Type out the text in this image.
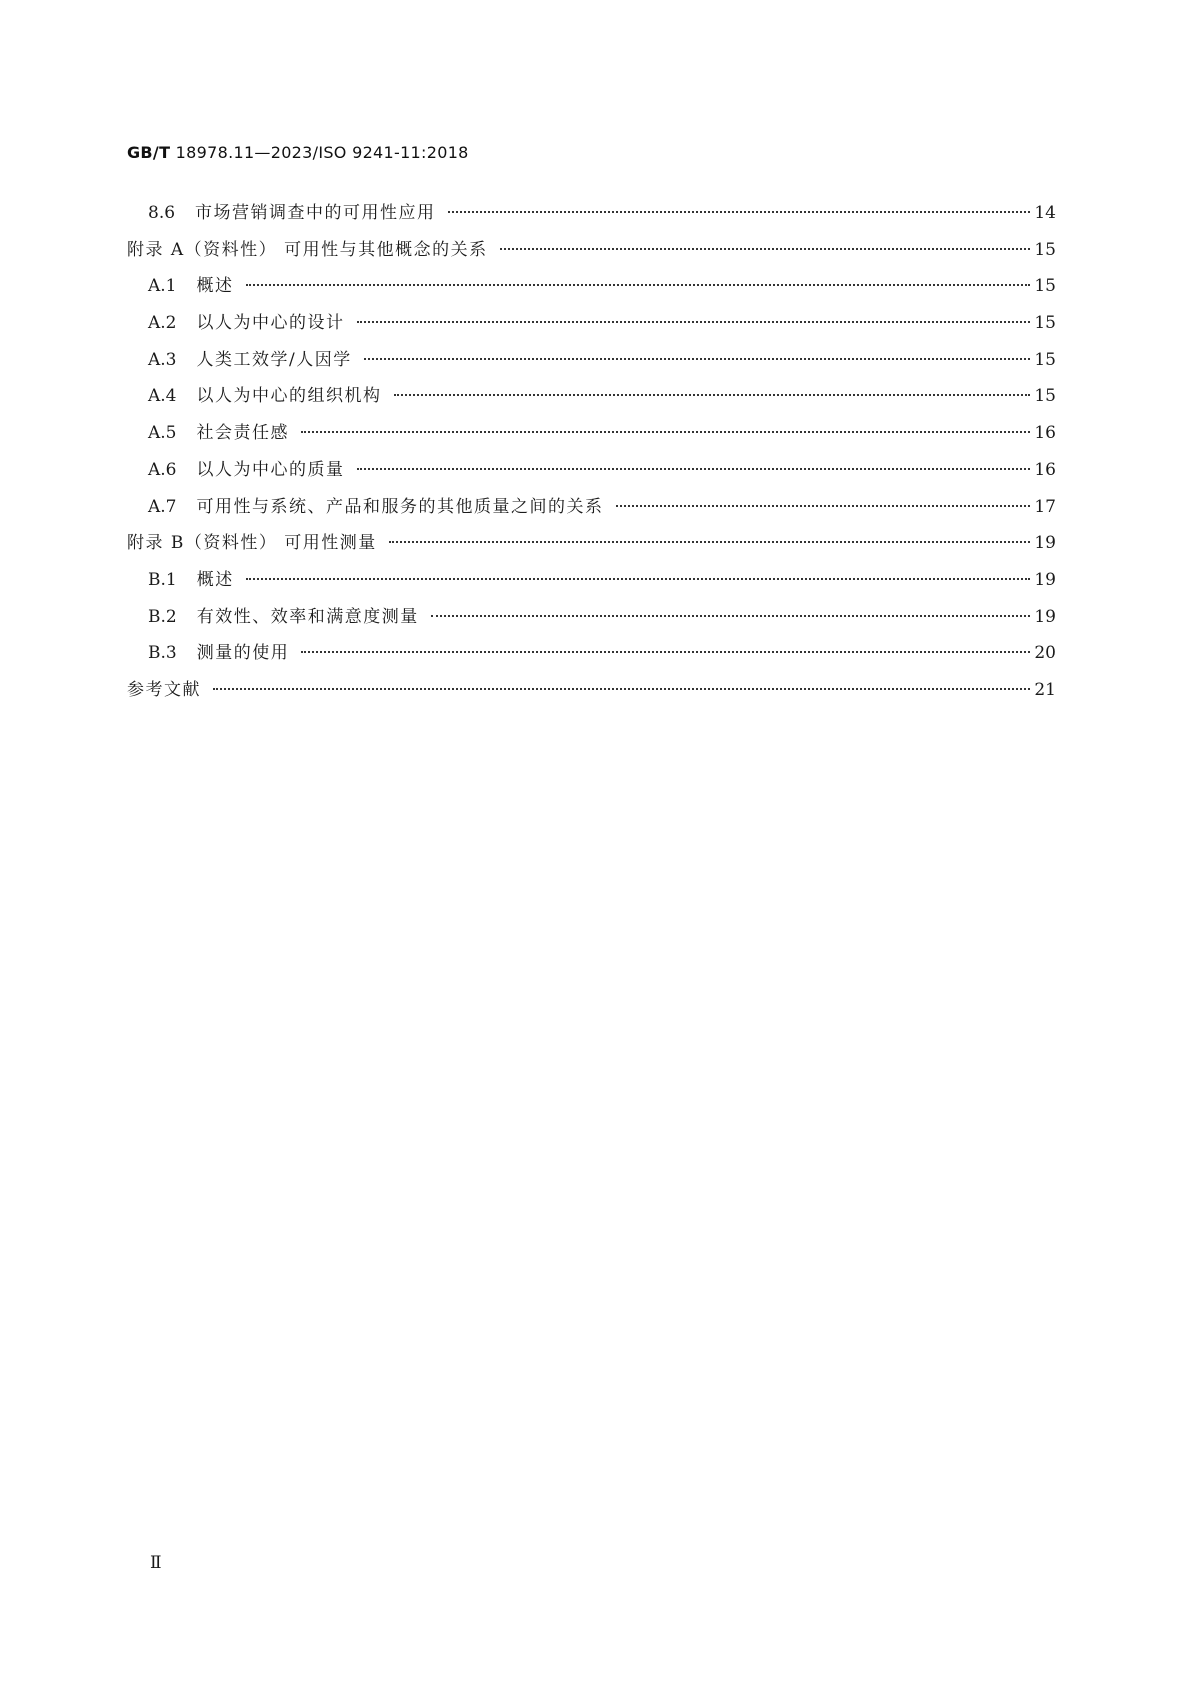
GB/T 18978.11—2023/ISO 9241-11:2018
8.6 市场营销调查中的可用性应用	14
附录 A（资料性） 可用性与其他概念的关系	15
A.1 概述	15
A.2 以人为中心的设计	15
A.3 人类工效学/人因学	15
A.4 以人为中心的组织机构	15
A.5 社会责任感	16
A.6 以人为中心的质量	16
A.7 可用性与系统、产品和服务的其他质量之间的关系	17
附录 B（资料性） 可用性测量	19
B.1 概述	19
B.2 有效性、效率和满意度测量	19
B.3 测量的使用	20
参考文献	21
Ⅱ
